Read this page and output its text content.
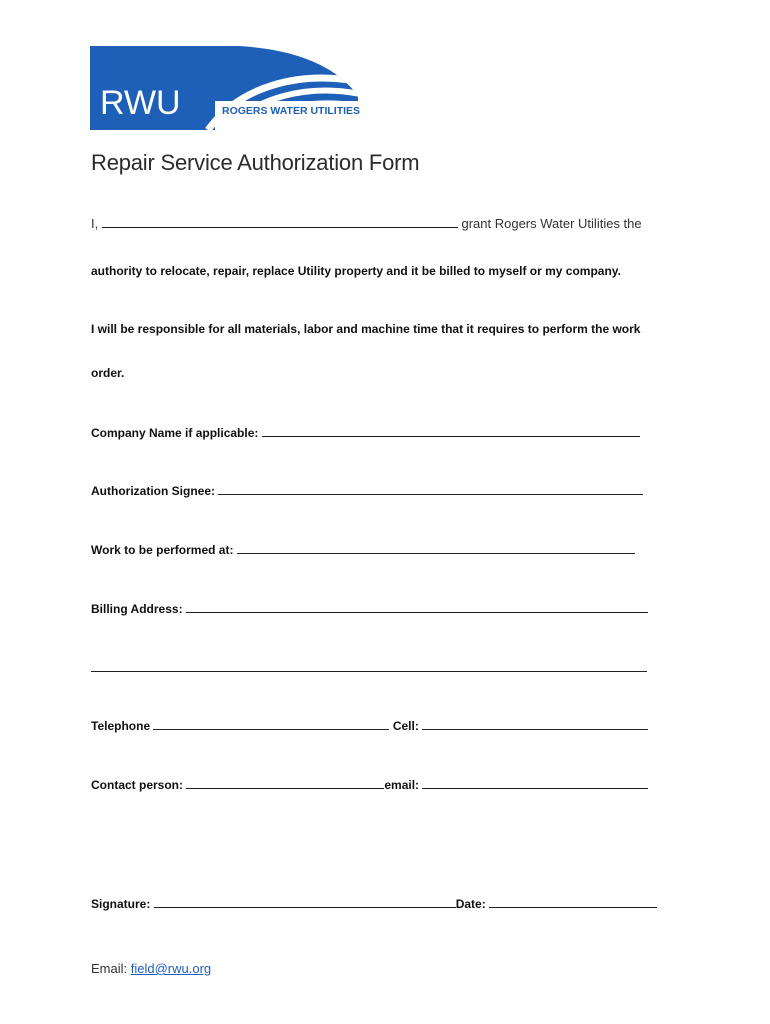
RWU	ROGERS WATER UTILITIES
Repair Service Authorization Form
I,	grant Rogers Water Utilities the
authority to relocate, repair, replace Utility property and it be billed to myself or my company.
I will be responsible for all materials, labor and machine time that it requires to perform the work
order.
Company Name if applicable:
Authorization Signee:
Work to be performed at:
Billing Address:
Telephone	Cell:
Contact person:	email:
Signature:	Date:
Email: field@rwu.org
